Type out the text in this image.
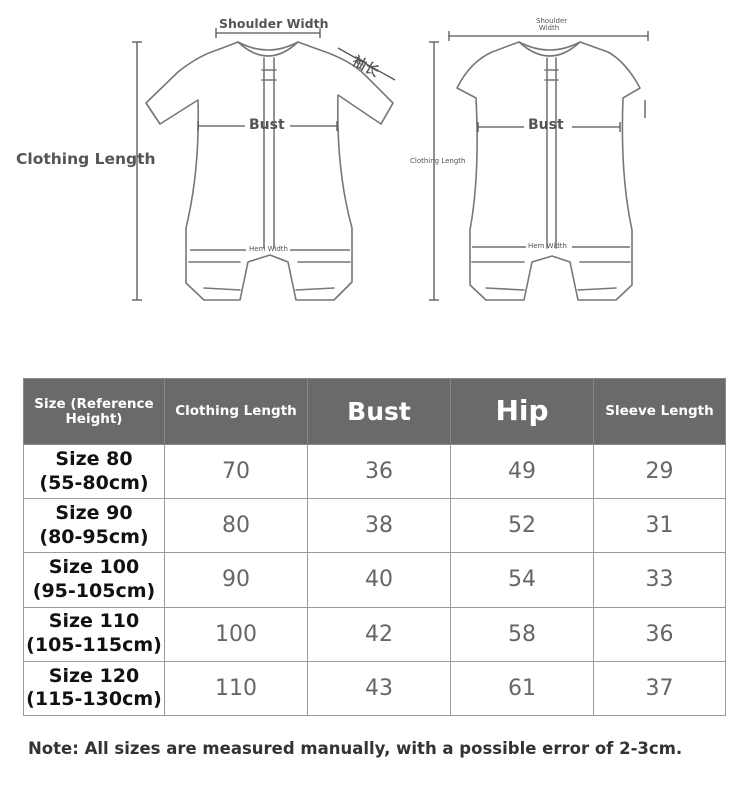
Shoulder Width
袖长
Bust
Clothing Length
Hem Width
Shoulder Width
Bust
Clothing Length
Hem Width
Size (Reference Height)	Clothing Length	Bust	Hip	Sleeve Length
Size 80
(55-80cm)	70	36	49	29
Size 90
(80-95cm)	80	38	52	31
Size 100
(95-105cm)	90	40	54	33
Size 110
(105-115cm)	100	42	58	36
Size 120
(115-130cm)	110	43	61	37
Note: All sizes are measured manually, with a possible error of 2-3cm.
